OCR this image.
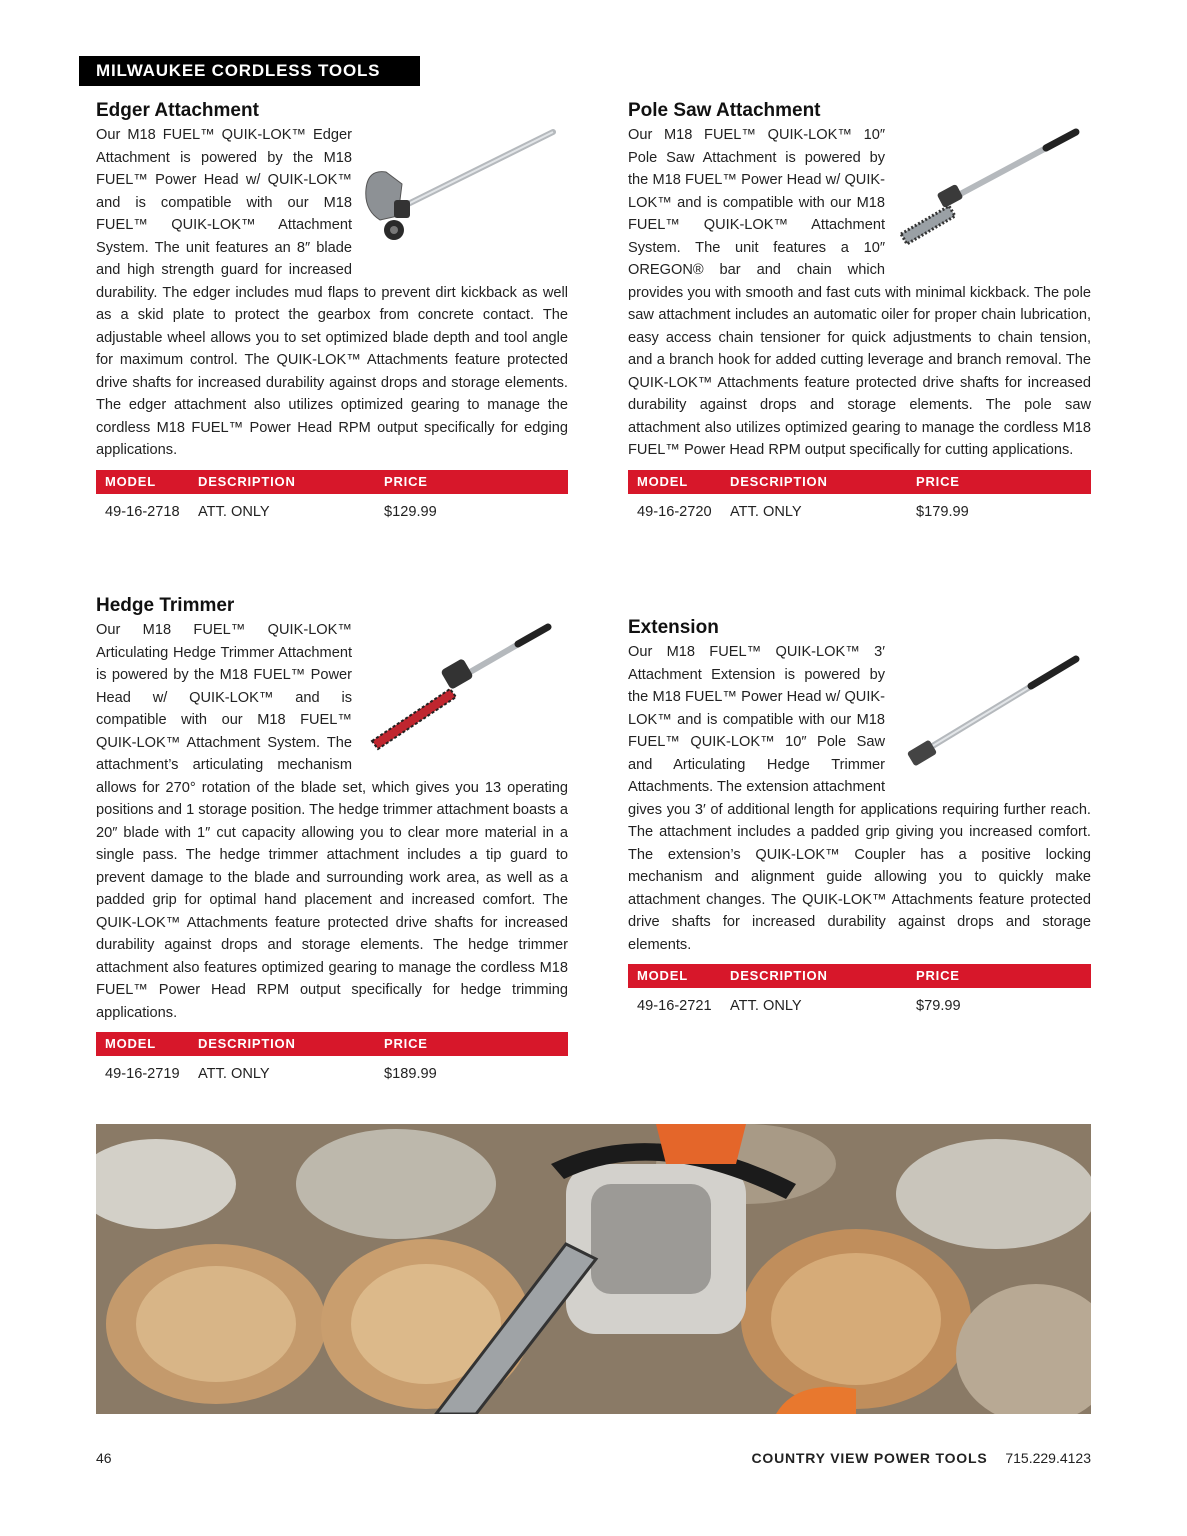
MILWAUKEE CORDLESS TOOLS
Edger Attachment
Our M18 FUEL™ QUIK-LOK™ Edger Attachment is powered by the M18 FUEL™ Power Head w/ QUIK-LOK™ and is compatible with our M18 FUEL™ QUIK-LOK™ Attachment System. The unit features an 8″ blade and high strength guard for increased durability. The edger includes mud flaps to prevent dirt kickback as well as a skid plate to protect the gearbox from concrete contact. The adjustable wheel allows you to set optimized blade depth and tool angle for maximum control. The QUIK-LOK™ Attachments feature protected drive shafts for increased durability against drops and storage elements. The edger attachment also utilizes optimized gearing to manage the cordless M18 FUEL™ Power Head RPM output specifically for edging applications.
MODEL	DESCRIPTION	PRICE
49-16-2718 ATT. ONLY	$129.99
Pole Saw Attachment
Our M18 FUEL™ QUIK-LOK™ 10″ Pole Saw Attachment is powered by the M18 FUEL™ Power Head w/ QUIK-LOK™ and is compatible with our M18 FUEL™ QUIK-LOK™ Attachment System. The unit features a 10″ OREGON® bar and chain which provides you with smooth and fast cuts with minimal kickback. The pole saw attachment includes an automatic oiler for proper chain lubrication, easy access chain tensioner for quick adjustments to chain tension, and a branch hook for added cutting leverage and branch removal. The QUIK-LOK™ Attachments feature protected drive shafts for increased durability against drops and storage elements. The pole saw attachment also utilizes optimized gearing to manage the cordless M18 FUEL™ Power Head RPM output specifically for cutting applications.
MODEL	DESCRIPTION	PRICE
49-16-2720 ATT. ONLY	$179.99
Hedge Trimmer
Our M18 FUEL™ QUIK-LOK™ Articulating Hedge Trimmer Attachment is powered by the M18 FUEL™ Power Head w/ QUIK-LOK™ and is compatible with our M18 FUEL™ QUIK-LOK™ Attachment System. The attachment’s articulating mechanism allows for 270° rotation of the blade set, which gives you 13 operating positions and 1 storage position. The hedge trimmer attachment boasts a 20″ blade with 1″ cut capacity allowing you to clear more material in a single pass. The hedge trimmer attachment includes a tip guard to prevent damage to the blade and surrounding work area, as well as a padded grip for optimal hand placement and increased comfort. The QUIK-LOK™ Attachments feature protected drive shafts for increased durability against drops and storage elements. The hedge trimmer attachment also features optimized gearing to manage the cordless M18 FUEL™ Power Head RPM output specifically for hedge trimming applications.
MODEL	DESCRIPTION	PRICE
49-16-2719 ATT. ONLY	$189.99
Extension
Our M18 FUEL™ QUIK-LOK™ 3′ Attachment Extension is powered by the M18 FUEL™ Power Head w/ QUIK-LOK™ and is compatible with our M18 FUEL™ QUIK-LOK™ 10″ Pole Saw and Articulating Hedge Trimmer Attachments. The extension attachment gives you 3′ of additional length for applications requiring further reach. The attachment includes a padded grip giving you increased comfort. The extension’s QUIK-LOK™ Coupler has a positive locking mechanism and alignment guide allowing you to quickly make attachment changes. The QUIK-LOK™ Attachments feature protected drive shafts for increased durability against drops and storage elements.
MODEL	DESCRIPTION	PRICE
49-16-2721 ATT. ONLY	$79.99
46	COUNTRY VIEW POWER TOOLS 715.229.4123
